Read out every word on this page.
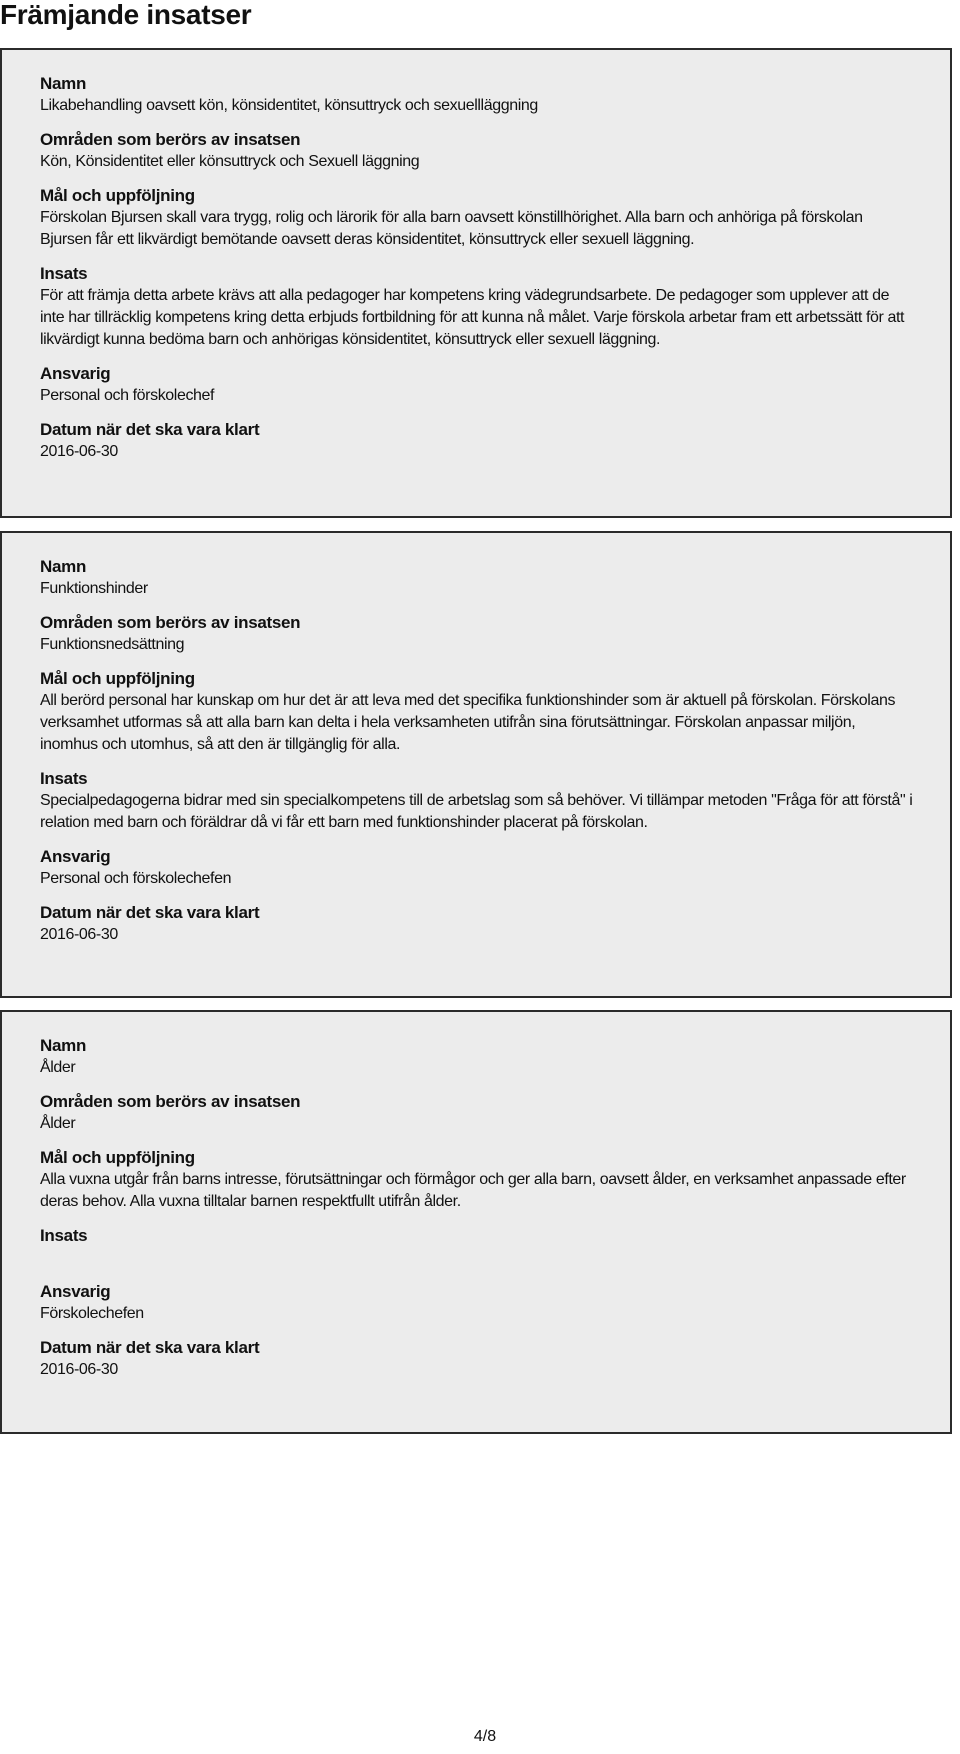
Främjande insatser
Namn
Likabehandling oavsett kön, könsidentitet, könsuttryck och sexuellläggning
Områden som berörs av insatsen
Kön, Könsidentitet eller könsuttryck och Sexuell läggning
Mål och uppföljning
Förskolan Bjursen skall vara trygg, rolig och lärorik för alla barn oavsett könstillhörighet. Alla barn och anhöriga på förskolan Bjursen får ett likvärdigt bemötande oavsett deras könsidentitet, könsuttryck eller sexuell läggning.
Insats
För att främja detta arbete krävs att alla pedagoger har kompetens kring vädegrundsarbete. De pedagoger som upplever att de inte har tillräcklig kompetens kring detta erbjuds fortbildning för att kunna nå målet. Varje förskola arbetar fram ett arbetssätt för att likvärdigt kunna bedöma barn och anhörigas könsidentitet, könsuttryck eller sexuell läggning.
Ansvarig
Personal och förskolechef
Datum när det ska vara klart
2016-06-30
Namn
Funktionshinder
Områden som berörs av insatsen
Funktionsnedsättning
Mål och uppföljning
All berörd personal har kunskap om hur det är att leva med det specifika funktionshinder som är aktuell på förskolan. Förskolans verksamhet utformas så att alla barn kan delta i hela verksamheten utifrån sina förutsättningar. Förskolan anpassar miljön, inomhus och utomhus, så att den är tillgänglig för alla.
Insats
Specialpedagogerna bidrar med sin specialkompetens till de arbetslag som så behöver. Vi tillämpar metoden "Fråga för att förstå" i relation med barn och föräldrar då vi får ett barn med funktionshinder placerat på förskolan.
Ansvarig
Personal och förskolechefen
Datum när det ska vara klart
2016-06-30
Namn
Ålder
Områden som berörs av insatsen
Ålder
Mål och uppföljning
Alla vuxna utgår från barns intresse, förutsättningar och förmågor och ger alla barn, oavsett ålder, en verksamhet anpassade efter deras behov. Alla vuxna tilltalar barnen respektfullt utifrån ålder.
Insats
Ansvarig
Förskolechefen
Datum när det ska vara klart
2016-06-30
4/8
